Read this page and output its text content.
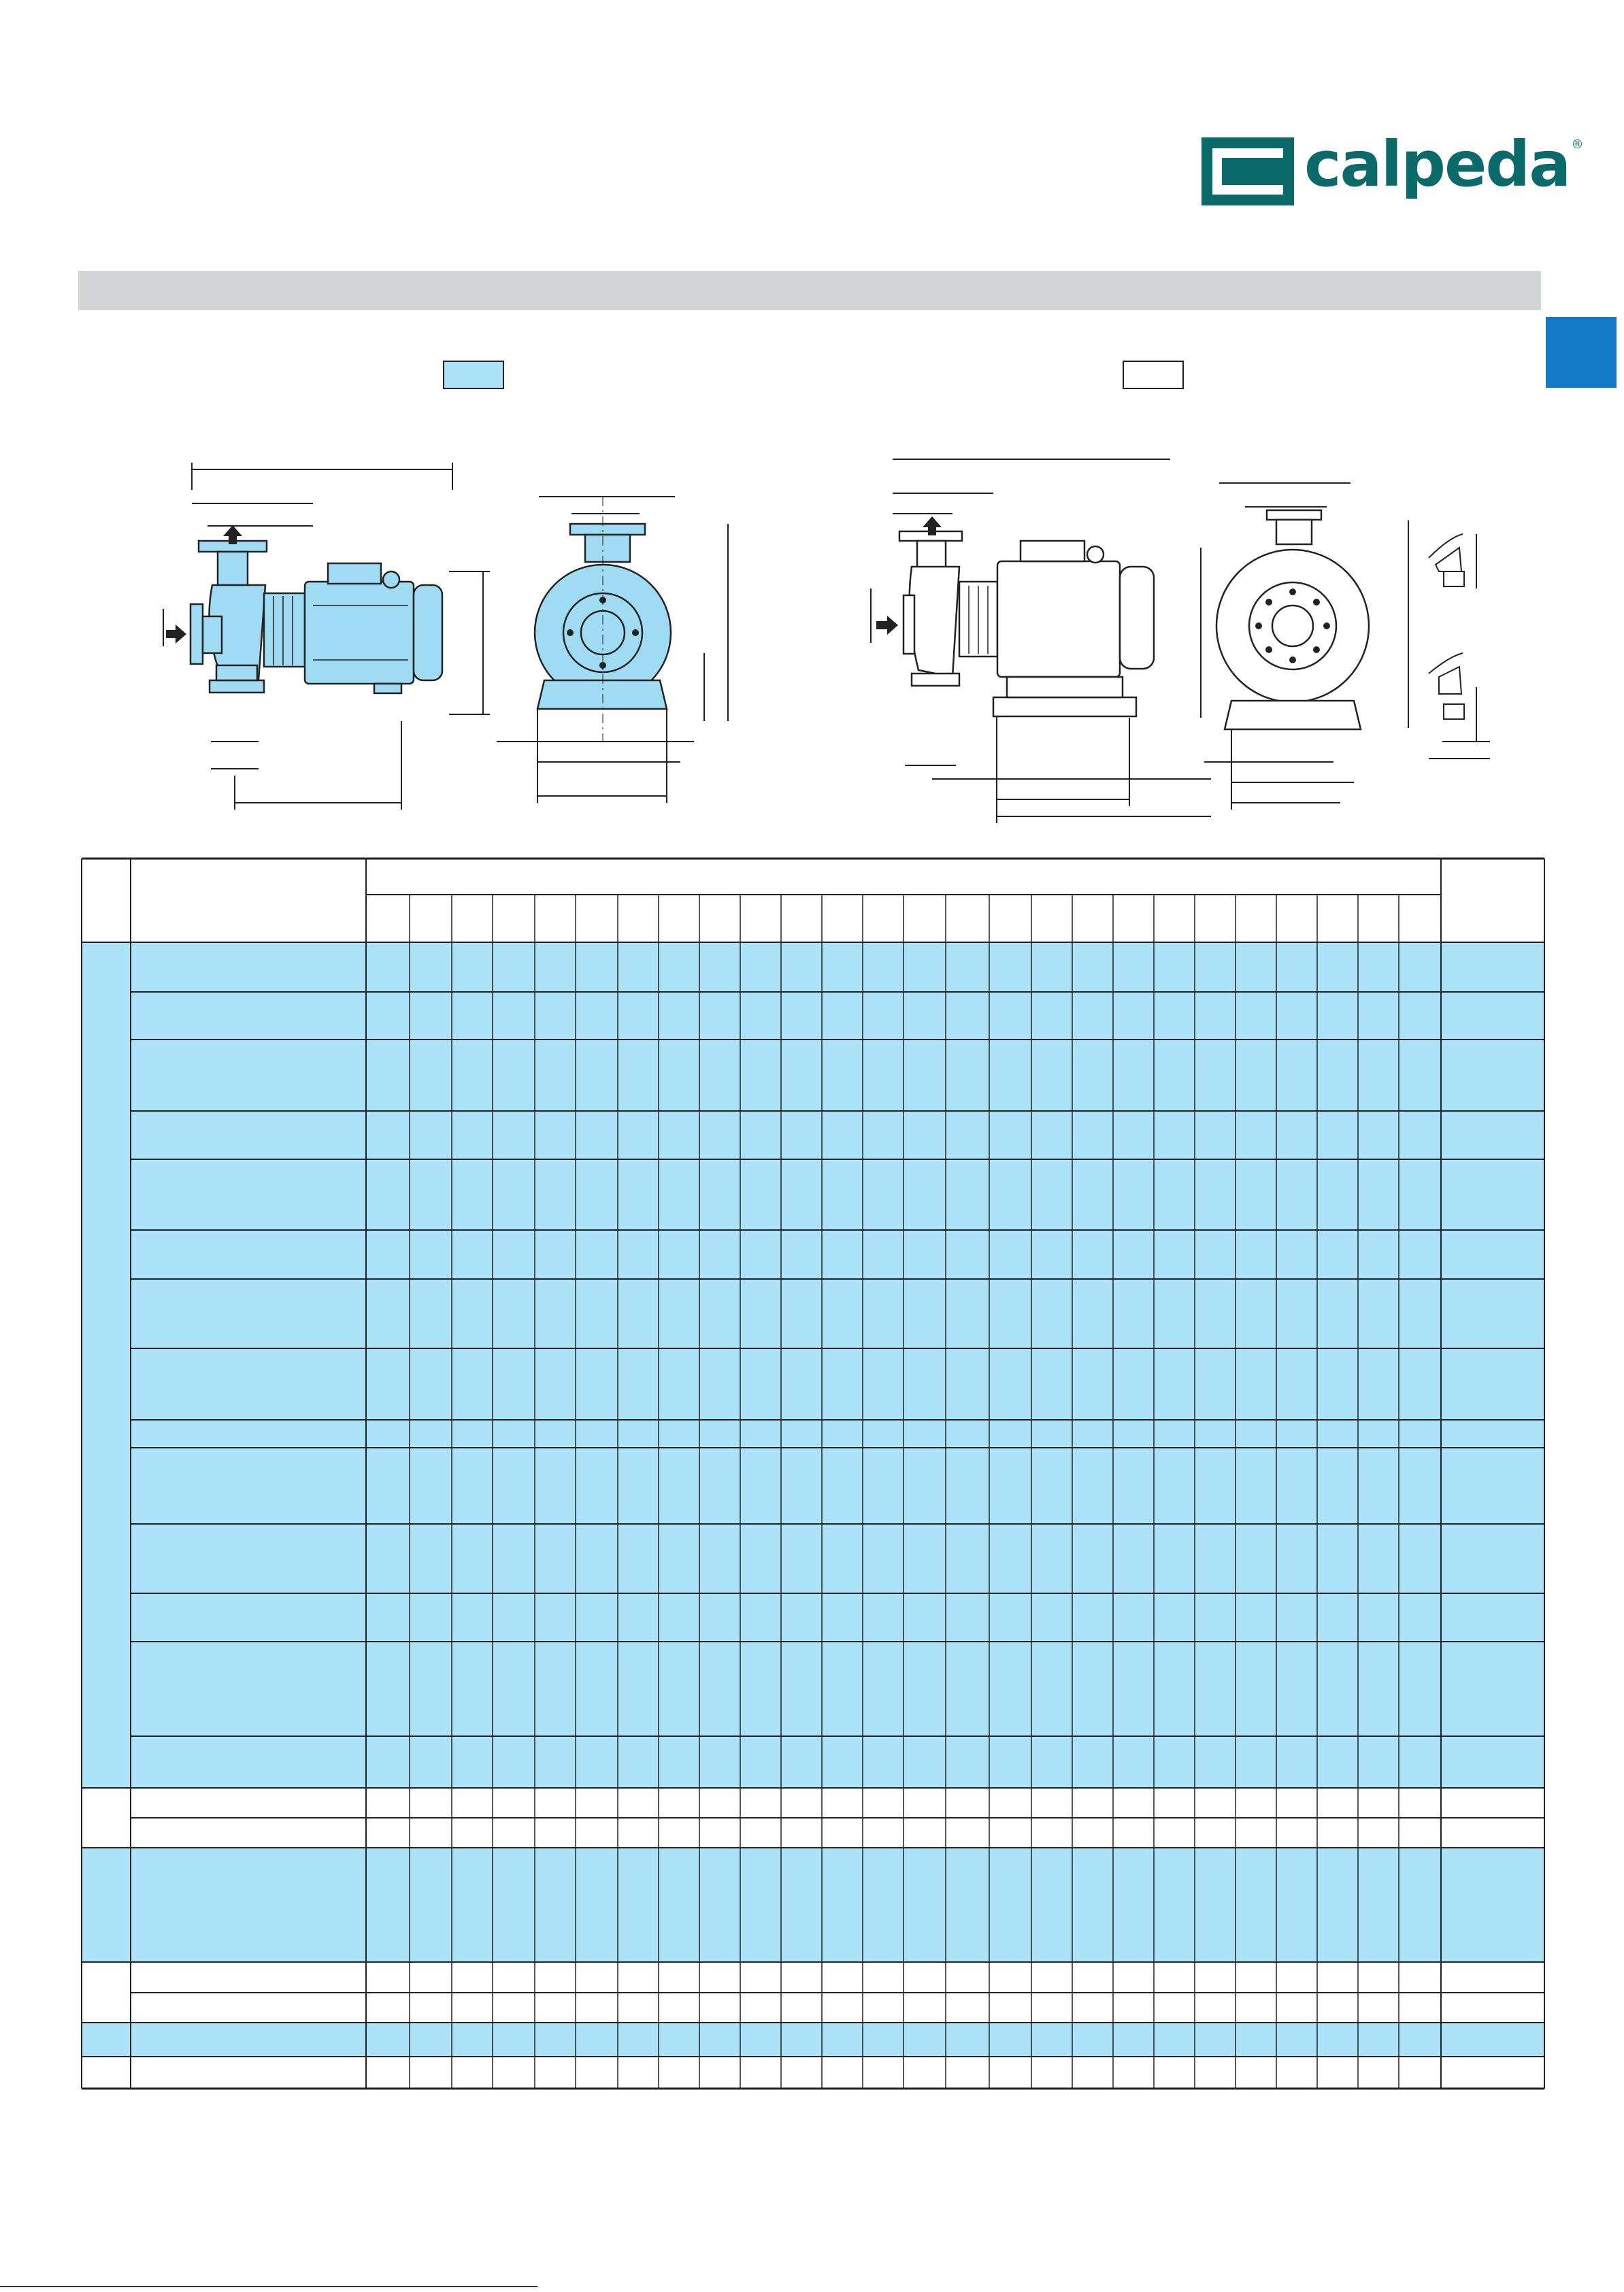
calpeda ®
